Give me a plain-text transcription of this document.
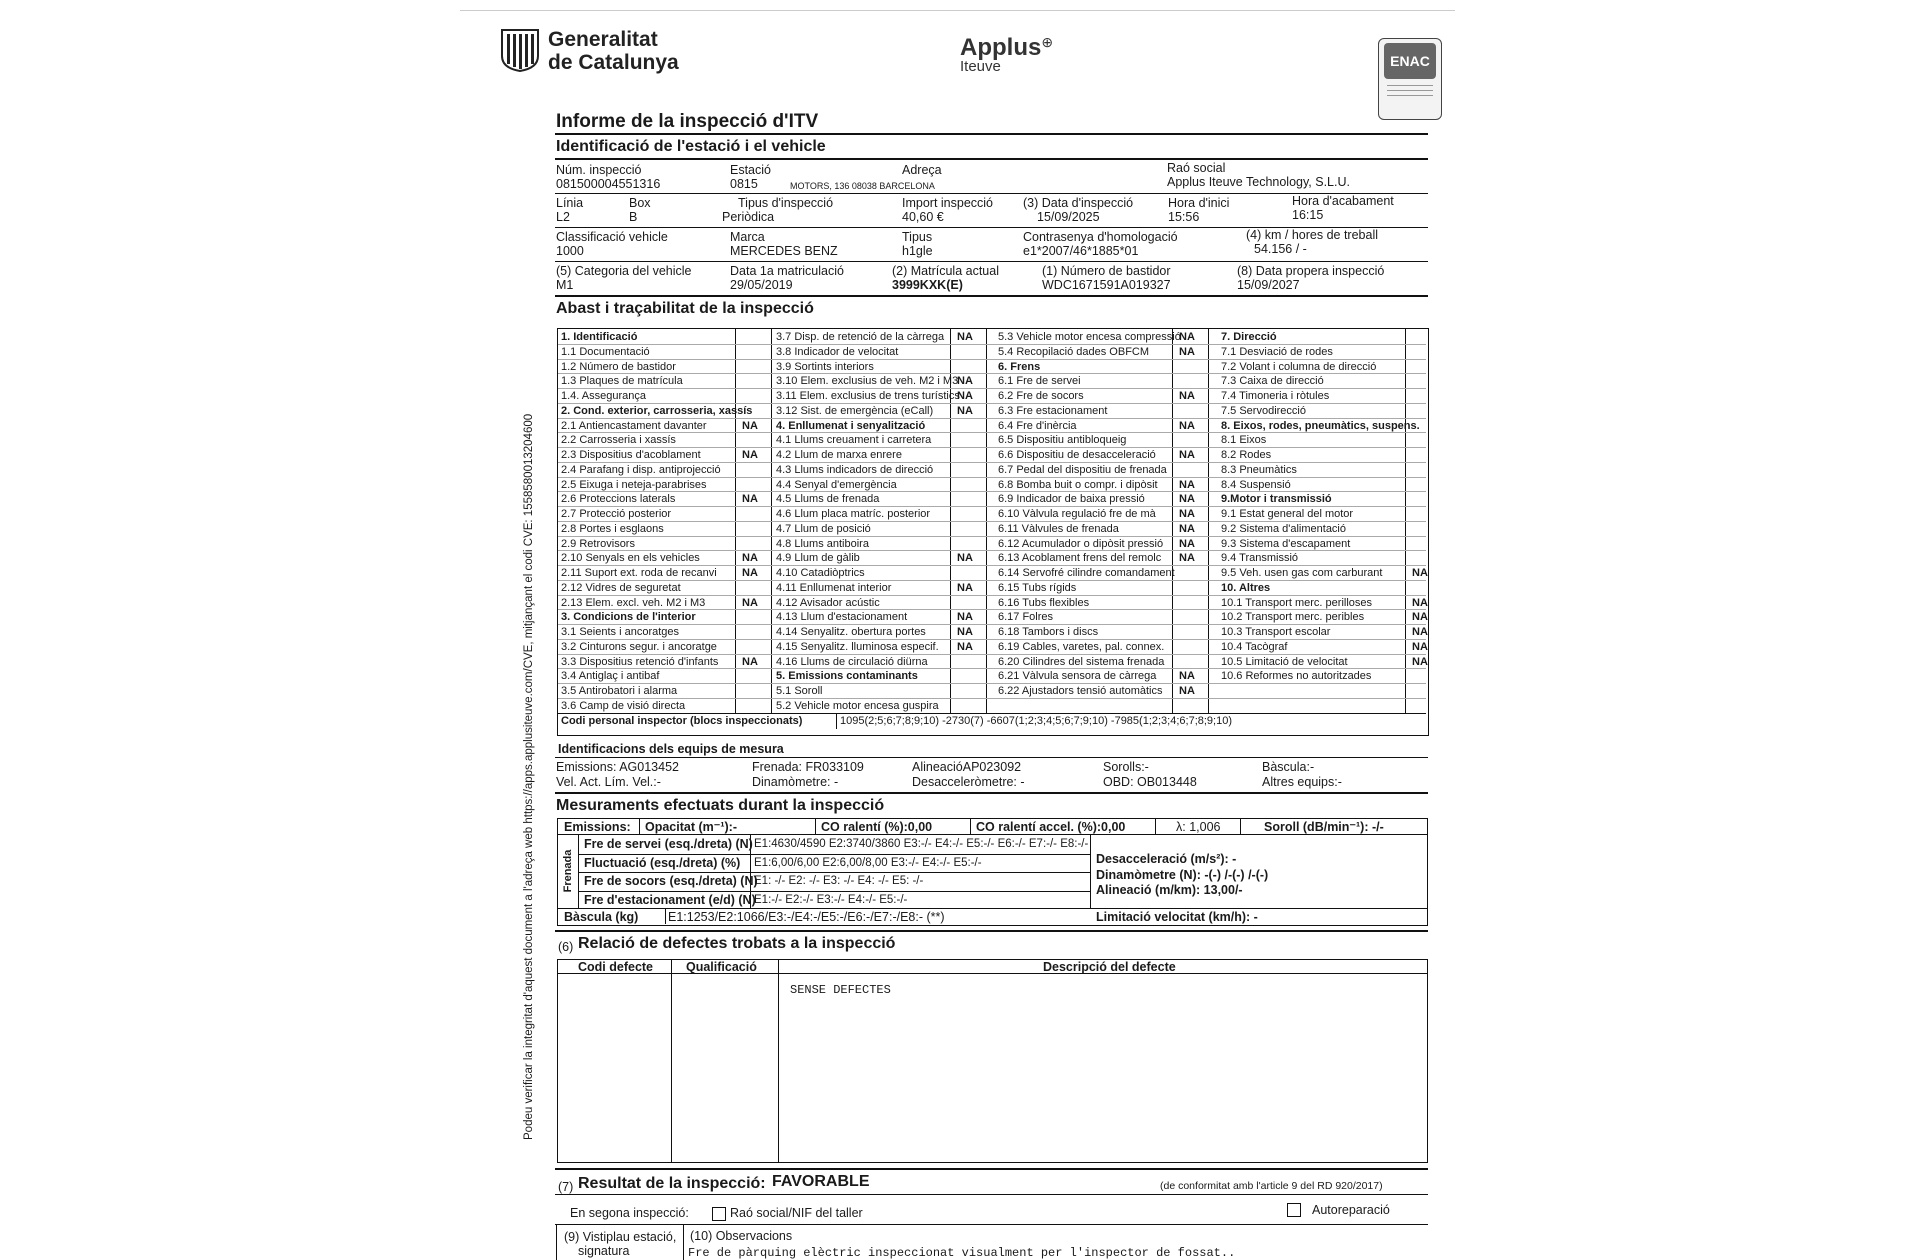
Generalitat
de Catalunya
Applus⊕
Iteuve	ENAC
Informe de la inspecció d'ITV
Identificació de l'estació i el vehicle
Núm. inspecció
081500004551316
Estació
0815
Adreça
MOTORS, 136 08038 BARCELONA
Raó social
Applus Iteuve Technology, S.L.U.
Línia
L2
Box
B
Tipus d'inspecció
Periòdica
Import inspecció
40,60 €
(3) Data d'inspecció
15/09/2025
Hora d'inici
15:56
Hora d'acabament
16:15
Classificació vehicle
1000
Marca
MERCEDES BENZ
Tipus
h1gle
Contrasenya d'homologació
e1*2007/46*1885*01
(4) km / hores de treball
54.156 / -
(5) Categoria del vehicle
M1
Data 1a matriculació
29/05/2019
(2) Matrícula actual
3999KXK(E)
(1) Número de bastidor
WDC1671591A019327
(8) Data propera inspecció
15/09/2027
Abast i traçabilitat de la inspecció
1. Identificació
1.1 Documentació
1.2 Número de bastidor
1.3 Plaques de matrícula
1.4. Assegurança
2. Cond. exterior, carrosseria, xassís
2.1 Antiencastament davanter	NA
2.2 Carrosseria i xassís
2.3 Dispositius d'acoblament	NA
2.4 Parafang i disp. antiprojecció
2.5 Eixuga i neteja-parabrises
2.6 Proteccions laterals	NA
2.7 Protecció posterior
2.8 Portes i esglaons
2.9 Retrovisors
2.10 Senyals en els vehicles	NA
2.11 Suport ext. roda de recanvi	NA
2.12 Vidres de seguretat
2.13 Elem. excl. veh. M2 i M3	NA
3. Condicions de l'interior
3.1 Seients i ancoratges
3.2 Cinturons segur. i ancoratge
3.3 Dispositius retenció d'infants	NA
3.4 Antiglaç i antibaf
3.5 Antirobatori i alarma
3.6 Camp de visió directa
3.7 Disp. de retenció de la càrrega	NA
3.8 Indicador de velocitat
3.9 Sortints interiors
3.10 Elem. exclusius de veh. M2 i M3
NA
3.11 Elem. exclusius de trens turístics
NA
3.12 Sist. de emergència (eCall)	NA
4. Enllumenat i senyalització
4.1 Llums creuament i carretera
4.2 Llum de marxa enrere
4.3 Llums indicadors de direcció
4.4 Senyal d'emergència
4.5 Llums de frenada
4.6 Llum placa matríc. posterior
4.7 Llum de posició
4.8 Llums antiboira
4.9 Llum de gàlib	NA
4.10 Catadiòptrics
4.11 Enllumenat interior	NA
4.12 Avisador acústic
4.13 Llum d'estacionament	NA
4.14 Senyalitz. obertura portes	NA
4.15 Senyalitz. lluminosa especif.	NA
4.16 Llums de circulació diürna
5. Emissions contaminants
5.1 Soroll
5.2 Vehicle motor encesa guspira
5.3 Vehicle motor encesa compressió
NA
5.4 Recopilació dades OBFCM	NA
6. Frens
6.1 Fre de servei
6.2 Fre de socors	NA
6.3 Fre estacionament
6.4 Fre d'inèrcia	NA
6.5 Dispositiu antibloqueig
6.6 Dispositiu de desacceleració	NA
6.7 Pedal del dispositiu de frenada
6.8 Bomba buit o compr. i dipòsit	NA
6.9 Indicador de baixa pressió	NA
6.10 Vàlvula regulació fre de mà	NA
6.11 Vàlvules de frenada	NA
6.12 Acumulador o dipòsit pressió	NA
6.13 Acoblament frens del remolc	NA
6.14 Servofré cilindre comandament
6.15 Tubs rígids
6.16 Tubs flexibles
6.17 Folres
6.18 Tambors i discs
6.19 Cables, varetes, pal. connex.
6.20 Cilindres del sistema frenada
6.21 Vàlvula sensora de càrrega	NA
6.22 Ajustadors tensió automàtics	NA
7. Direcció
7.1 Desviació de rodes
7.2 Volant i columna de direcció
7.3 Caixa de direcció
7.4 Timoneria i ròtules
7.5 Servodirecció
8. Eixos, rodes, pneumàtics, suspens.
8.1 Eixos
8.2 Rodes
8.3 Pneumàtics
8.4 Suspensió
9.Motor i transmissió
9.1 Estat general del motor
9.2 Sistema d'alimentació
9.3 Sistema d'escapament
9.4 Transmissió
9.5 Veh. usen gas com carburant	NA
10. Altres
10.1 Transport merc. perilloses	NA
10.2 Transport merc. peribles	NA
10.3 Transport escolar	NA
10.4 Tacògraf	NA
10.5 Limitació de velocitat	NA
10.6 Reformes no autoritzades
Codi personal inspector (blocs inspeccionats)	1095(2;5;6;7;8;9;10) -2730(7) -6607(1;2;3;4;5;6;7;9;10) -7985(1;2;3;4;6;7;8;9;10)
Identificacions dels equips de mesura
Emissions: AG013452	Frenada: FR033109	AlineacióAP023092	Sorolls:-	Bàscula:-
Vel. Act. Lím. Vel.:-	Dinamòmetre: -	Desacceleròmetre: -	OBD: OB013448	Altres equips:-
Mesuraments efectuats durant la inspecció
Emissions: Opacitat (m⁻¹):-	CO ralentí (%):0,00	CO ralentí accel. (%):0,00	λ: 1,006	Soroll (dB/min⁻¹): -/-
Frenada	Desacceleració (m/s²): -
Dinamòmetre (N): -(-) /-(-) /-(-)
Alineació (m/km): 13,00/-
Bàscula (kg) E1:1253/E2:1066/E3:-/E4:-/E5:-/E6:-/E7:-/E8:- (**)	Limitació velocitat (km/h): -
(6) Relació de defectes trobats a la inspecció
Codi defecte	Qualificació	Descripció del defecte
SENSE DEFECTES
(7) Resultat de la inspecció: FAVORABLE	(de conformitat amb l'article 9 del RD 920/2017)
En segona inspecció:	Raó social/NIF del taller	Autoreparació
(9) Vistiplau estació,
signatura
(10) Observacions
Fre de pàrquing elèctric inspeccionat visualment per l'inspector de fossat..
Fre de servei (esq./dreta) (N) E1:4630/4590 E2:3740/3860 E3:-/- E4:-/- E5:-/- E6:-/- E7:-/- E8:-/-
Fluctuació (esq./dreta) (%) E1:6,00/6,00 E2:6,00/8,00 E3:-/- E4:-/- E5:-/-
Fre de socors (esq./dreta) (N)
E1: -/- E2: -/- E3: -/- E4: -/- E5: -/-
Fre d'estacionament (e/d) (N)
E1:-/- E2:-/- E3:-/- E4:-/- E5:-/-
Podeu verificar la integritat d'aquest document a l'adreça web https://apps.applusiteuve.com/CVE, mitjançant el codi CVE: 1558580013204600
